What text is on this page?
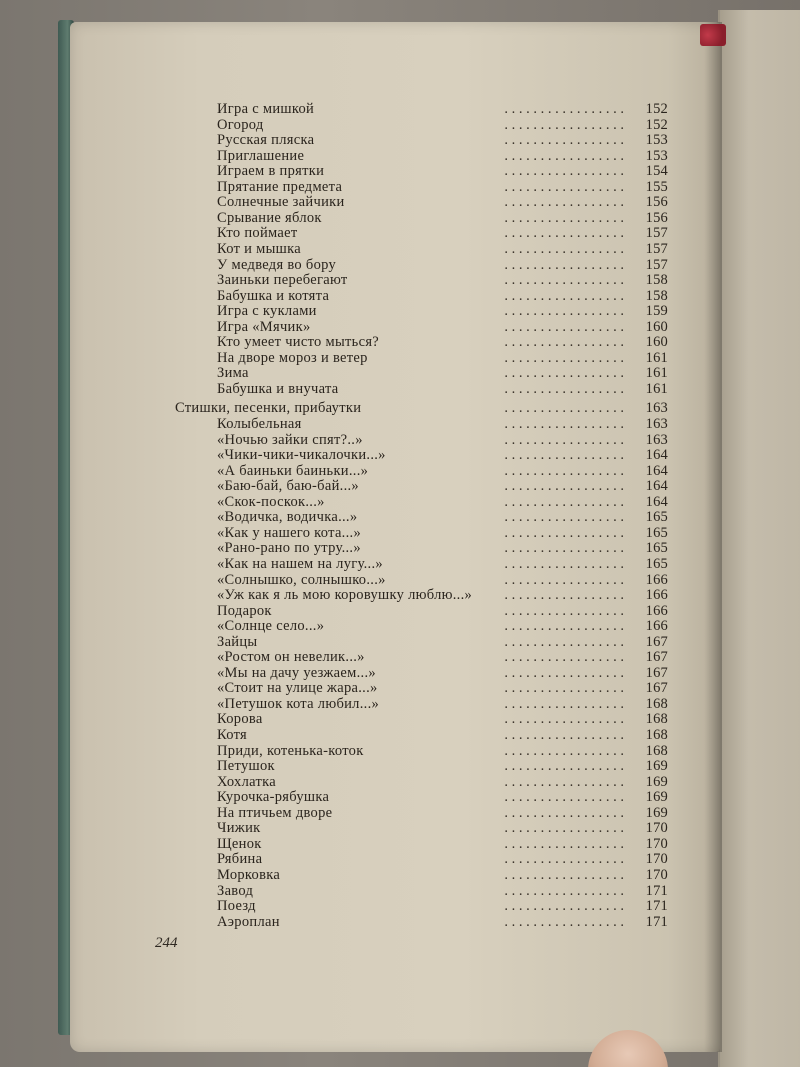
Игра с мишкой	. . . . . . . . . . . . . . . . .	152
Огород	. . . . . . . . . . . . . . . . .	152
Русская пляска	. . . . . . . . . . . . . . . . .	153
Приглашение	. . . . . . . . . . . . . . . . .	153
Играем в прятки	. . . . . . . . . . . . . . . . .	154
Прятание предмета	. . . . . . . . . . . . . . . . .	155
Солнечные зайчики	. . . . . . . . . . . . . . . . .	156
Срывание яблок	. . . . . . . . . . . . . . . . .	156
Кто поймает	. . . . . . . . . . . . . . . . .	157
Кот и мышка	. . . . . . . . . . . . . . . . .	157
У медведя во бору	. . . . . . . . . . . . . . . . .	157
Заиньки перебегают	. . . . . . . . . . . . . . . . .	158
Бабушка и котята	. . . . . . . . . . . . . . . . .	158
Игра с куклами	. . . . . . . . . . . . . . . . .	159
Игра «Мячик»	. . . . . . . . . . . . . . . . .	160
Кто умеет чисто мыться?	. . . . . . . . . . . . . . . . .	160
На дворе мороз и ветер	. . . . . . . . . . . . . . . . .	161
Зима	. . . . . . . . . . . . . . . . .	161
Бабушка и внучата	. . . . . . . . . . . . . . . . .	161
Стишки, песенки, прибаутки	. . . . . . . . . . . . . . . . .	163
Колыбельная	. . . . . . . . . . . . . . . . .	163
«Ночью зайки спят?..»	. . . . . . . . . . . . . . . . .	163
«Чики-чики-чикалочки...»	. . . . . . . . . . . . . . . . .	164
«А баиньки баиньки...»	. . . . . . . . . . . . . . . . .	164
«Баю-бай, баю-бай...»	. . . . . . . . . . . . . . . . .	164
«Скок-поскок...»	. . . . . . . . . . . . . . . . .	164
«Водичка, водичка...»	. . . . . . . . . . . . . . . . .	165
«Как у нашего кота...»	. . . . . . . . . . . . . . . . .	165
«Рано-рано по утру...»	. . . . . . . . . . . . . . . . .	165
«Как на нашем на лугу...»	. . . . . . . . . . . . . . . . .	165
«Солнышко, солнышко...»	. . . . . . . . . . . . . . . . .	166
«Уж как я ль мою коровушку люблю...»	. . . . . . . . . . . . . . . . .	166
Подарок	. . . . . . . . . . . . . . . . .	166
«Солнце село...»	. . . . . . . . . . . . . . . . .	166
Зайцы	. . . . . . . . . . . . . . . . .	167
«Ростом он невелик...»	. . . . . . . . . . . . . . . . .	167
«Мы на дачу уезжаем...»	. . . . . . . . . . . . . . . . .	167
«Стоит на улице жара...»	. . . . . . . . . . . . . . . . .	167
«Петушок кота любил...»	. . . . . . . . . . . . . . . . .	168
Корова	. . . . . . . . . . . . . . . . .	168
Котя	. . . . . . . . . . . . . . . . .	168
Приди, котенька-коток	. . . . . . . . . . . . . . . . .	168
Петушок	. . . . . . . . . . . . . . . . .	169
Хохлатка	. . . . . . . . . . . . . . . . .	169
Курочка-рябушка	. . . . . . . . . . . . . . . . .	169
На птичьем дворе	. . . . . . . . . . . . . . . . .	169
Чижик	. . . . . . . . . . . . . . . . .	170
Щенок	. . . . . . . . . . . . . . . . .	170
Рябина	. . . . . . . . . . . . . . . . .	170
Морковка	. . . . . . . . . . . . . . . . .	170
Завод	. . . . . . . . . . . . . . . . .	171
Поезд	. . . . . . . . . . . . . . . . .	171
Аэроплан	. . . . . . . . . . . . . . . . .	171
244
